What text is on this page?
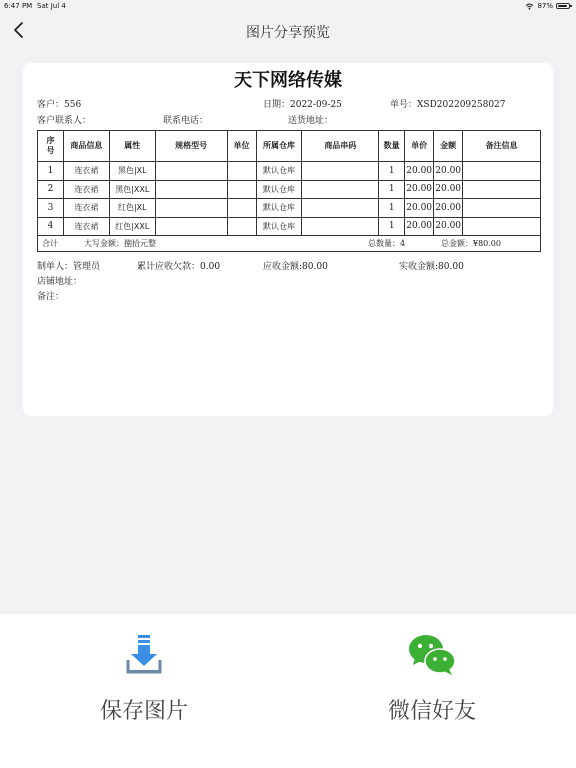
6:47 PM Sat Jul 4	87%
图片分享预览
天下网络传媒
客户：556	日期：2022-09-25	单号：XSD202209258027
客户联系人：	联系电话：	送货地址：
序
号	商品信息	属性	规格型号	单位	所属仓库	商品串码	数量	单价	金额	备注信息
1	连衣裙	黑色|XL			默认仓库		1	20.00	20.00	
2	连衣裙	黑色|XXL			默认仓库		1	20.00	20.00	
3	连衣裙	红色|XL			默认仓库		1	20.00	20.00	
4	连衣裙	红色|XXL			默认仓库		1	20.00	20.00	
合计	大写金额：捌拾元整	总数量：4	总金额：¥80.00
制单人：管理员	累计应收欠款：0.00	应收金额:80.00	实收金额:80.00
店铺地址：
备注：
保存图片	微信好友
